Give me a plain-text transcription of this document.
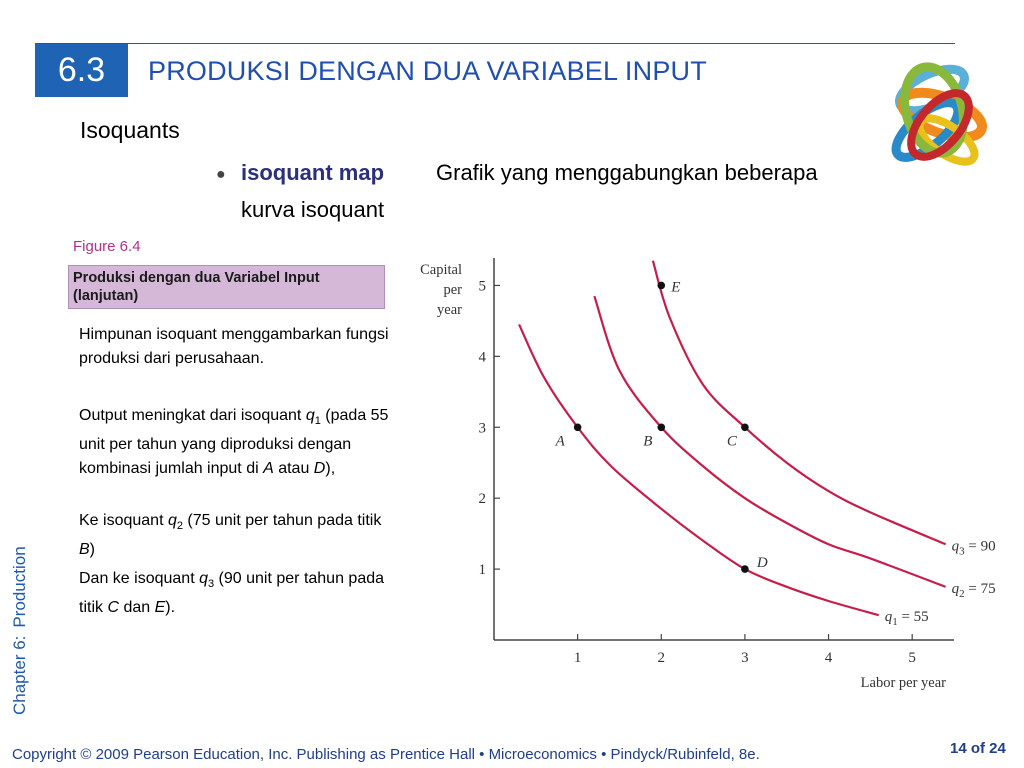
6.3	PRODUKSI DENGAN DUA VARIABEL INPUT
Isoquants
● isoquant map Grafik yang menggabungkan beberapa
kurva isoquant
Figure 6.4
Produksi dengan dua Variabel Input
(lanjutan)
Himpunan isoquant menggambarkan fungsi produksi dari perusahaan.
Output meningkat dari isoquant $q_1$ (pada 55 unit per tahun yang diproduksi dengan kombinasi jumlah input di A atau D),
Ke isoquant $q_2$ (75 unit per tahun pada titik B)
Dan ke isoquant $q_3$ (90 unit per tahun pada titik C dan E).
Chapter 6:Production	1
2
3
4
5
1	2	3	4	5
Capital
per
year
Labor per year
$q_1 = 55$
$q_2 = 75$
$q_3 = 90$
A	B	C
D
E
Copyright © 2009 Pearson Education, Inc. Publishing as Prentice Hall • Microeconomics • Pindyck/Rubinfeld, 8e.	14 of 24
